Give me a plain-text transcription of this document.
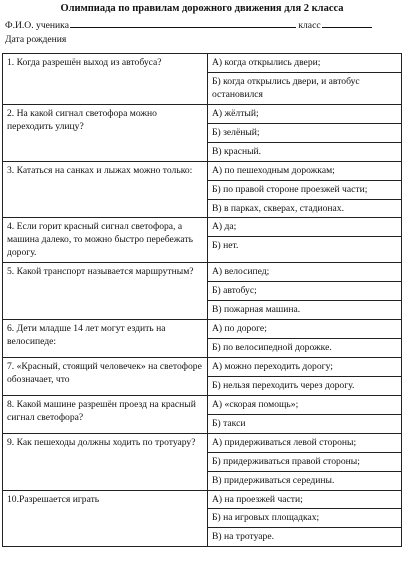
Олимпиада по правилам дорожного движения для 2 класса
Ф.И.О. ученика	класс
Дата рождения
1. Когда разрешён выход из автобуса?	А) когда открылись двери;
Б) когда открылись двери, и автобус остановился

2. На какой сигнал светофора можно переходить улицу?	А) жёлтый;
Б) зелёный;
В) красный.

3. Кататься на санках и лыжах можно только:	А) по пешеходным дорожкам;
Б) по правой стороне проезжей части;
В) в парках, скверах, стадионах.

4. Если горит красный сигнал светофора, а машина далеко, то можно быстро перебежать дорогу.	А) да;
Б) нет.

5. Какой транспорт называется маршрутным?	А) велосипед;
Б) автобус;
В) пожарная машина.

6. Дети младше 14 лет могут ездить на велосипеде:	А) по дороге;
Б) по велосипедной дорожке.

7. «Красный, стоящий человечек» на светофоре обозначает, что	А) можно переходить дорогу;
Б) нельзя переходить через дорогу.

8. Какой машине разрешён проезд на красный сигнал светофора?	А) «скорая помощь»;
Б) такси

9. Как пешеходы должны ходить по тротуару?	А) придерживаться левой стороны;
Б) придерживаться правой стороны;
В) придерживаться середины.

10.Разрешается играть	А) на проезжей части;
Б) на игровых площадках;
В) на тротуаре.
